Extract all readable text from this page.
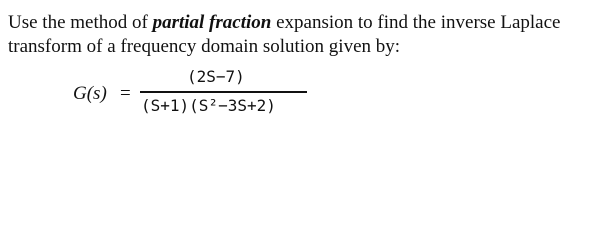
Use the method of partial fraction expansion to find the inverse Laplace
transform of a frequency domain solution given by:
G(s) =
(2S−7)
(S+1)(S²−3S+2)
